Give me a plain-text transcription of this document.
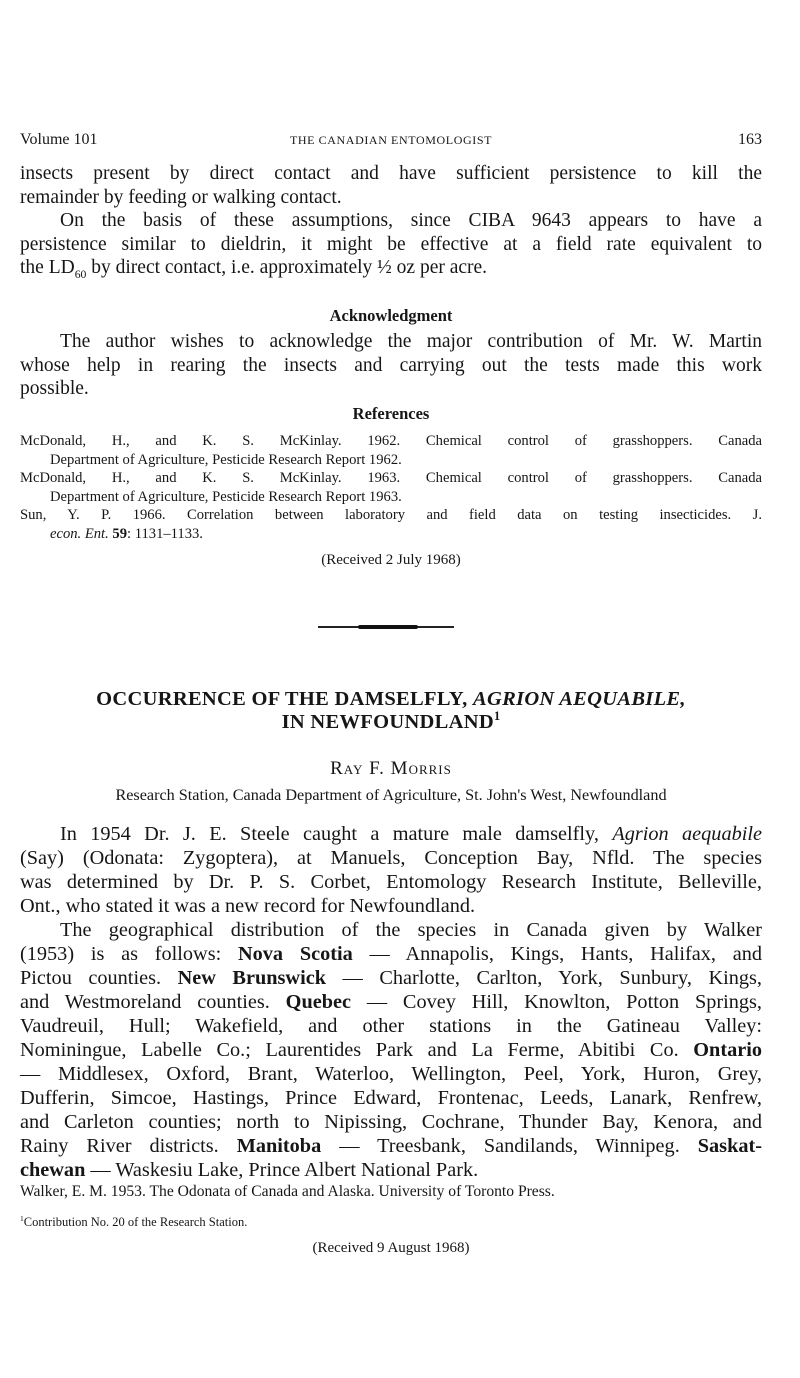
Volume 101	THE CANADIAN ENTOMOLOGIST	163
insects present by direct contact and have sufficient persistence to kill the
remainder by feeding or walking contact.
On the basis of these assumptions, since CIBA 9643 appears to have a
persistence similar to dieldrin, it might be effective at a field rate equivalent to
the $LD_{60}$ by direct contact, i.e. approximately ½ oz per acre.
Acknowledgment
The author wishes to acknowledge the major contribution of Mr. W. Martin
whose help in rearing the insects and carrying out the tests made this work
possible.
References
McDonald, H., and K. S. McKinlay. 1962. Chemical control of grasshoppers. Canada
Department of Agriculture, Pesticide Research Report 1962.
McDonald, H., and K. S. McKinlay. 1963. Chemical control of grasshoppers. Canada
Department of Agriculture, Pesticide Research Report 1963.
Sun, Y. P. 1966. Correlation between laboratory and field data on testing insecticides. J.
econ. Ent. 59: 1131–1133.
(Received 2 July 1968)
OCCURRENCE OF THE DAMSELFLY, AGRION AEQUABILE,
IN NEWFOUNDLAND$^1$
Ray F. Morris
Research Station, Canada Department of Agriculture, St. John's West, Newfoundland
In 1954 Dr. J. E. Steele caught a mature male damselfly, Agrion aequabile
(Say) (Odonata: Zygoptera), at Manuels, Conception Bay, Nfld. The species
was determined by Dr. P. S. Corbet, Entomology Research Institute, Belleville,
Ont., who stated it was a new record for Newfoundland.
The geographical distribution of the species in Canada given by Walker
(1953) is as follows: Nova Scotia — Annapolis, Kings, Hants, Halifax, and
Pictou counties. New Brunswick — Charlotte, Carlton, York, Sunbury, Kings,
and Westmoreland counties. Quebec — Covey Hill, Knowlton, Potton Springs,
Vaudreuil, Hull; Wakefield, and other stations in the Gatineau Valley:
Nominingue, Labelle Co.; Laurentides Park and La Ferme, Abitibi Co. Ontario
— Middlesex, Oxford, Brant, Waterloo, Wellington, Peel, York, Huron, Grey,
Dufferin, Simcoe, Hastings, Prince Edward, Frontenac, Leeds, Lanark, Renfrew,
and Carleton counties; north to Nipissing, Cochrane, Thunder Bay, Kenora, and
Rainy River districts. Manitoba — Treesbank, Sandilands, Winnipeg. Saskat-
chewan — Waskesiu Lake, Prince Albert National Park.
Walker, E. M. 1953. The Odonata of Canada and Alaska. University of Toronto Press.
$^1$Contribution No. 20 of the Research Station.
(Received 9 August 1968)
